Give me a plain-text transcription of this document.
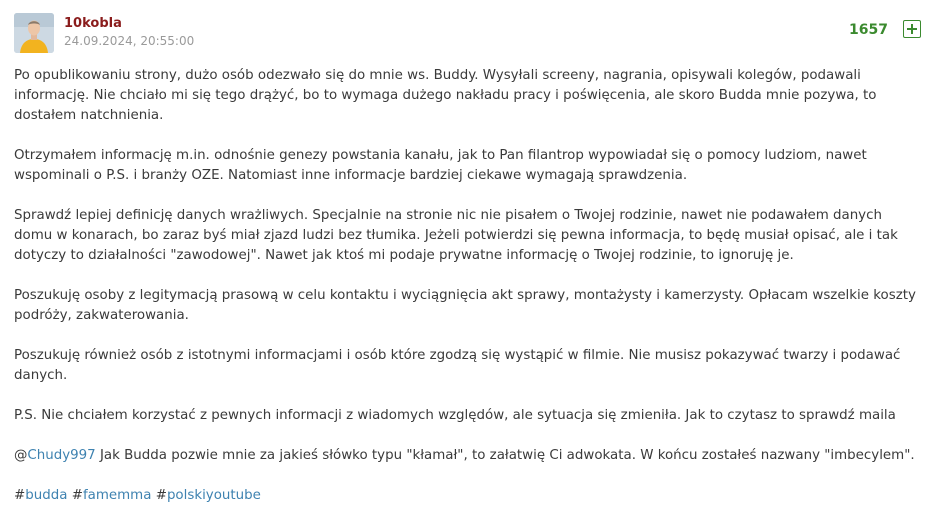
10kobla
24.09.2024, 20:55:00
1657

Po opublikowaniu strony, dużo osób odezwało się do mnie ws. Buddy. Wysyłali screeny, nagrania, opisywali kolegów, podawali informację. Nie chciało mi się tego drążyć, bo to wymaga dużego nakładu pracy i poświęcenia, ale skoro Budda mnie pozywa, to dostałem natchnienia.

Otrzymałem informację m.in. odnośnie genezy powstania kanału, jak to Pan filantrop wypowiadał się o pomocy ludziom, nawet wspominali o P.S. i branży OZE. Natomiast inne informacje bardziej ciekawe wymagają sprawdzenia.

Sprawdź lepiej definicję danych wrażliwych. Specjalnie na stronie nic nie pisałem o Twojej rodzinie, nawet nie podawałem danych domu w konarach, bo zaraz byś miał zjazd ludzi bez tłumika. Jeżeli potwierdzi się pewna informacja, to będę musiał opisać, ale i tak dotyczy to działalności "zawodowej". Nawet jak ktoś mi podaje prywatne informację o Twojej rodzinie, to ignoruję je.

Poszukuję osoby z legitymacją prasową w celu kontaktu i wyciągnięcia akt sprawy, montażysty i kamerzysty. Opłacam wszelkie koszty podróży, zakwaterowania.

Poszukuję również osób z istotnymi informacjami i osób które zgodzą się wystąpić w filmie. Nie musisz pokazywać twarzy i podawać danych.

P.S. Nie chciałem korzystać z pewnych informacji z wiadomych względów, ale sytuacja się zmieniła. Jak to czytasz to sprawdź maila

@Chudy997 Jak Budda pozwie mnie za jakieś słówko typu "kłamał", to załatwię Ci adwokata. W końcu zostałeś nazwany "imbecylem".

#budda #famemma #polskiyoutube
